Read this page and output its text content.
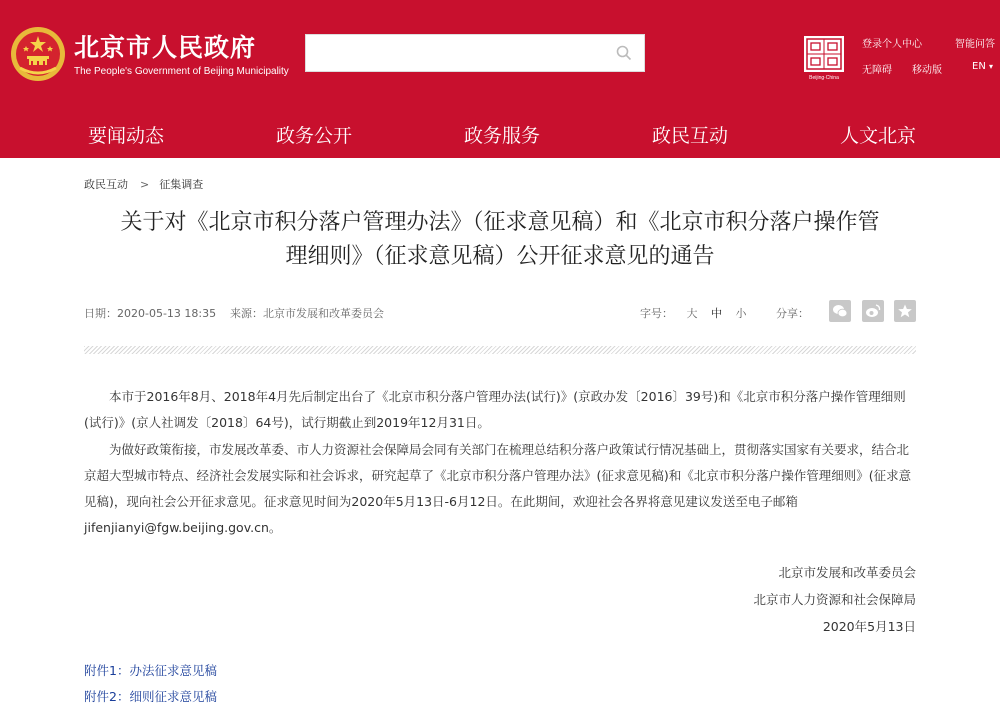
北京市人民政府
The People's Government of Beijing Municipality
Beijing·China
登录个人中心	智能问答
无障碍 移动版	EN ▾
要闻动态	政务公开	政务服务	政民互动	人文北京
政民互动 > 征集调查
关于对《北京市积分落户管理办法》（征求意见稿）和《北京市积分落户操作管
理细则》（征求意见稿）公开征求意见的通告
日期：2020-05-13 18:35 来源：北京市发展和改革委员会	字号： 大 中 小	分享：
本市于2016年8月、2018年4月先后制定出台了《北京市积分落户管理办法(试行)》(京政办发〔2016〕39号)和《北京市积分落户操作管理细则(试行)》(京人社调发〔2018〕64号)，试行期截止到2019年12月31日。
为做好政策衔接，市发展改革委、市人力资源社会保障局会同有关部门在梳理总结积分落户政策试行情况基础上，贯彻落实国家有关要求，结合北京超大型城市特点、经济社会发展实际和社会诉求，研究起草了《北京市积分落户管理办法》(征求意见稿)和《北京市积分落户操作管理细则》(征求意见稿)，现向社会公开征求意见。征求意见时间为2020年5月13日-6月12日。在此期间，欢迎社会各界将意见建议发送至电子邮箱jifenjianyi@fgw.beijing.gov.cn。
北京市发展和改革委员会
北京市人力资源和社会保障局
2020年5月13日
附件1：办法征求意见稿
附件2：细则征求意见稿
